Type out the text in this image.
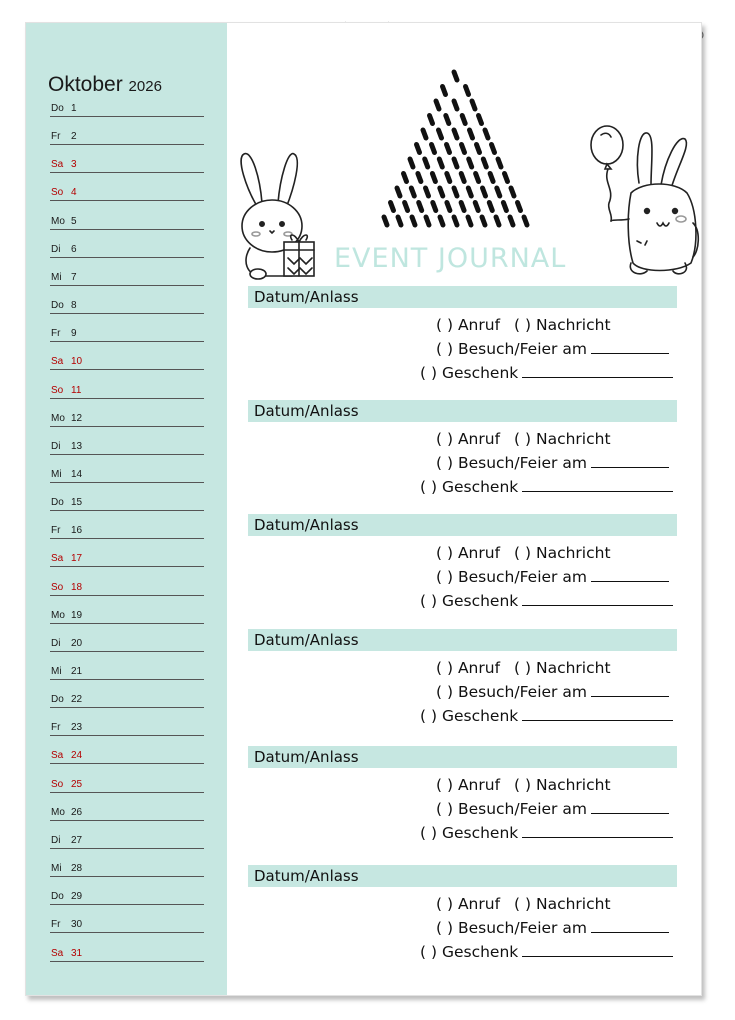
Oktober 2026
Do 1
Fr 2
Sa 3
So 4
Mo 5
Di 6
Mi 7
Do 8
Fr 9
Sa 10
So 11
Mo 12
Di 13
Mi 14
Do 15
Fr 16
Sa 17
So 18
Mo 19
Di 20
Mi 21
Do 22
Fr 23
Sa 24
So 25
Mo 26
Di 27
Mi 28
Do 29
Fr 30
Sa 31
EVENT JOURNAL
Datum/Anlass
( ) Anruf ( ) Nachricht
( ) Besuch/Feier am
( ) Geschenk
Datum/Anlass
( ) Anruf ( ) Nachricht
( ) Besuch/Feier am
( ) Geschenk
Datum/Anlass
( ) Anruf ( ) Nachricht
( ) Besuch/Feier am
( ) Geschenk
Datum/Anlass
( ) Anruf ( ) Nachricht
( ) Besuch/Feier am
( ) Geschenk
Datum/Anlass
( ) Anruf ( ) Nachricht
( ) Besuch/Feier am
( ) Geschenk
Datum/Anlass
( ) Anruf ( ) Nachricht
( ) Besuch/Feier am
( ) Geschenk
